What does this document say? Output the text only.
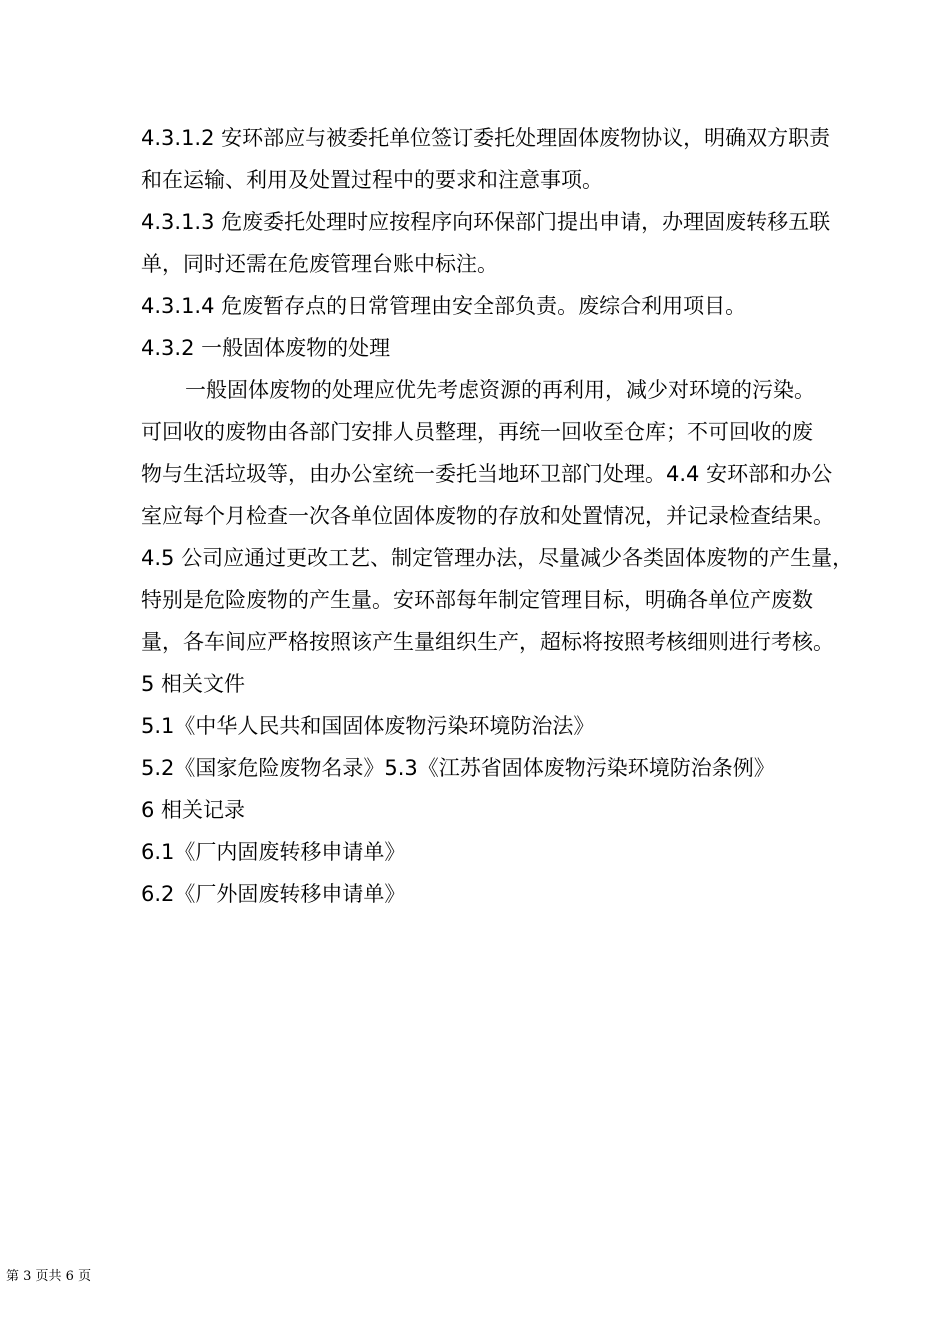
4.3.1.2 安环部应与被委托单位签订委托处理固体废物协议，明确双方职责
和在运输、利用及处置过程中的要求和注意事项。
4.3.1.3 危废委托处理时应按程序向环保部门提出申请，办理固废转移五联
单，同时还需在危废管理台账中标注。
4.3.1.4 危废暂存点的日常管理由安全部负责。废综合利用项目。
4.3.2 一般固体废物的处理
一般固体废物的处理应优先考虑资源的再利用，减少对环境的污染。
可回收的废物由各部门安排人员整理，再统一回收至仓库；不可回收的废
物与生活垃圾等，由办公室统一委托当地环卫部门处理。4.4 安环部和办公
室应每个月检查一次各单位固体废物的存放和处置情况，并记录检查结果。
4.5 公司应通过更改工艺、制定管理办法，尽量减少各类固体废物的产生量，
特别是危险废物的产生量。安环部每年制定管理目标，明确各单位产废数
量，各车间应严格按照该产生量组织生产，超标将按照考核细则进行考核。
5 相关文件
5.1《中华人民共和国固体废物污染环境防治法》
5.2《国家危险废物名录》5.3《江苏省固体废物污染环境防治条例》
6 相关记录
6.1《厂内固废转移申请单》
6.2《厂外固废转移申请单》
第 3 页共 6 页
